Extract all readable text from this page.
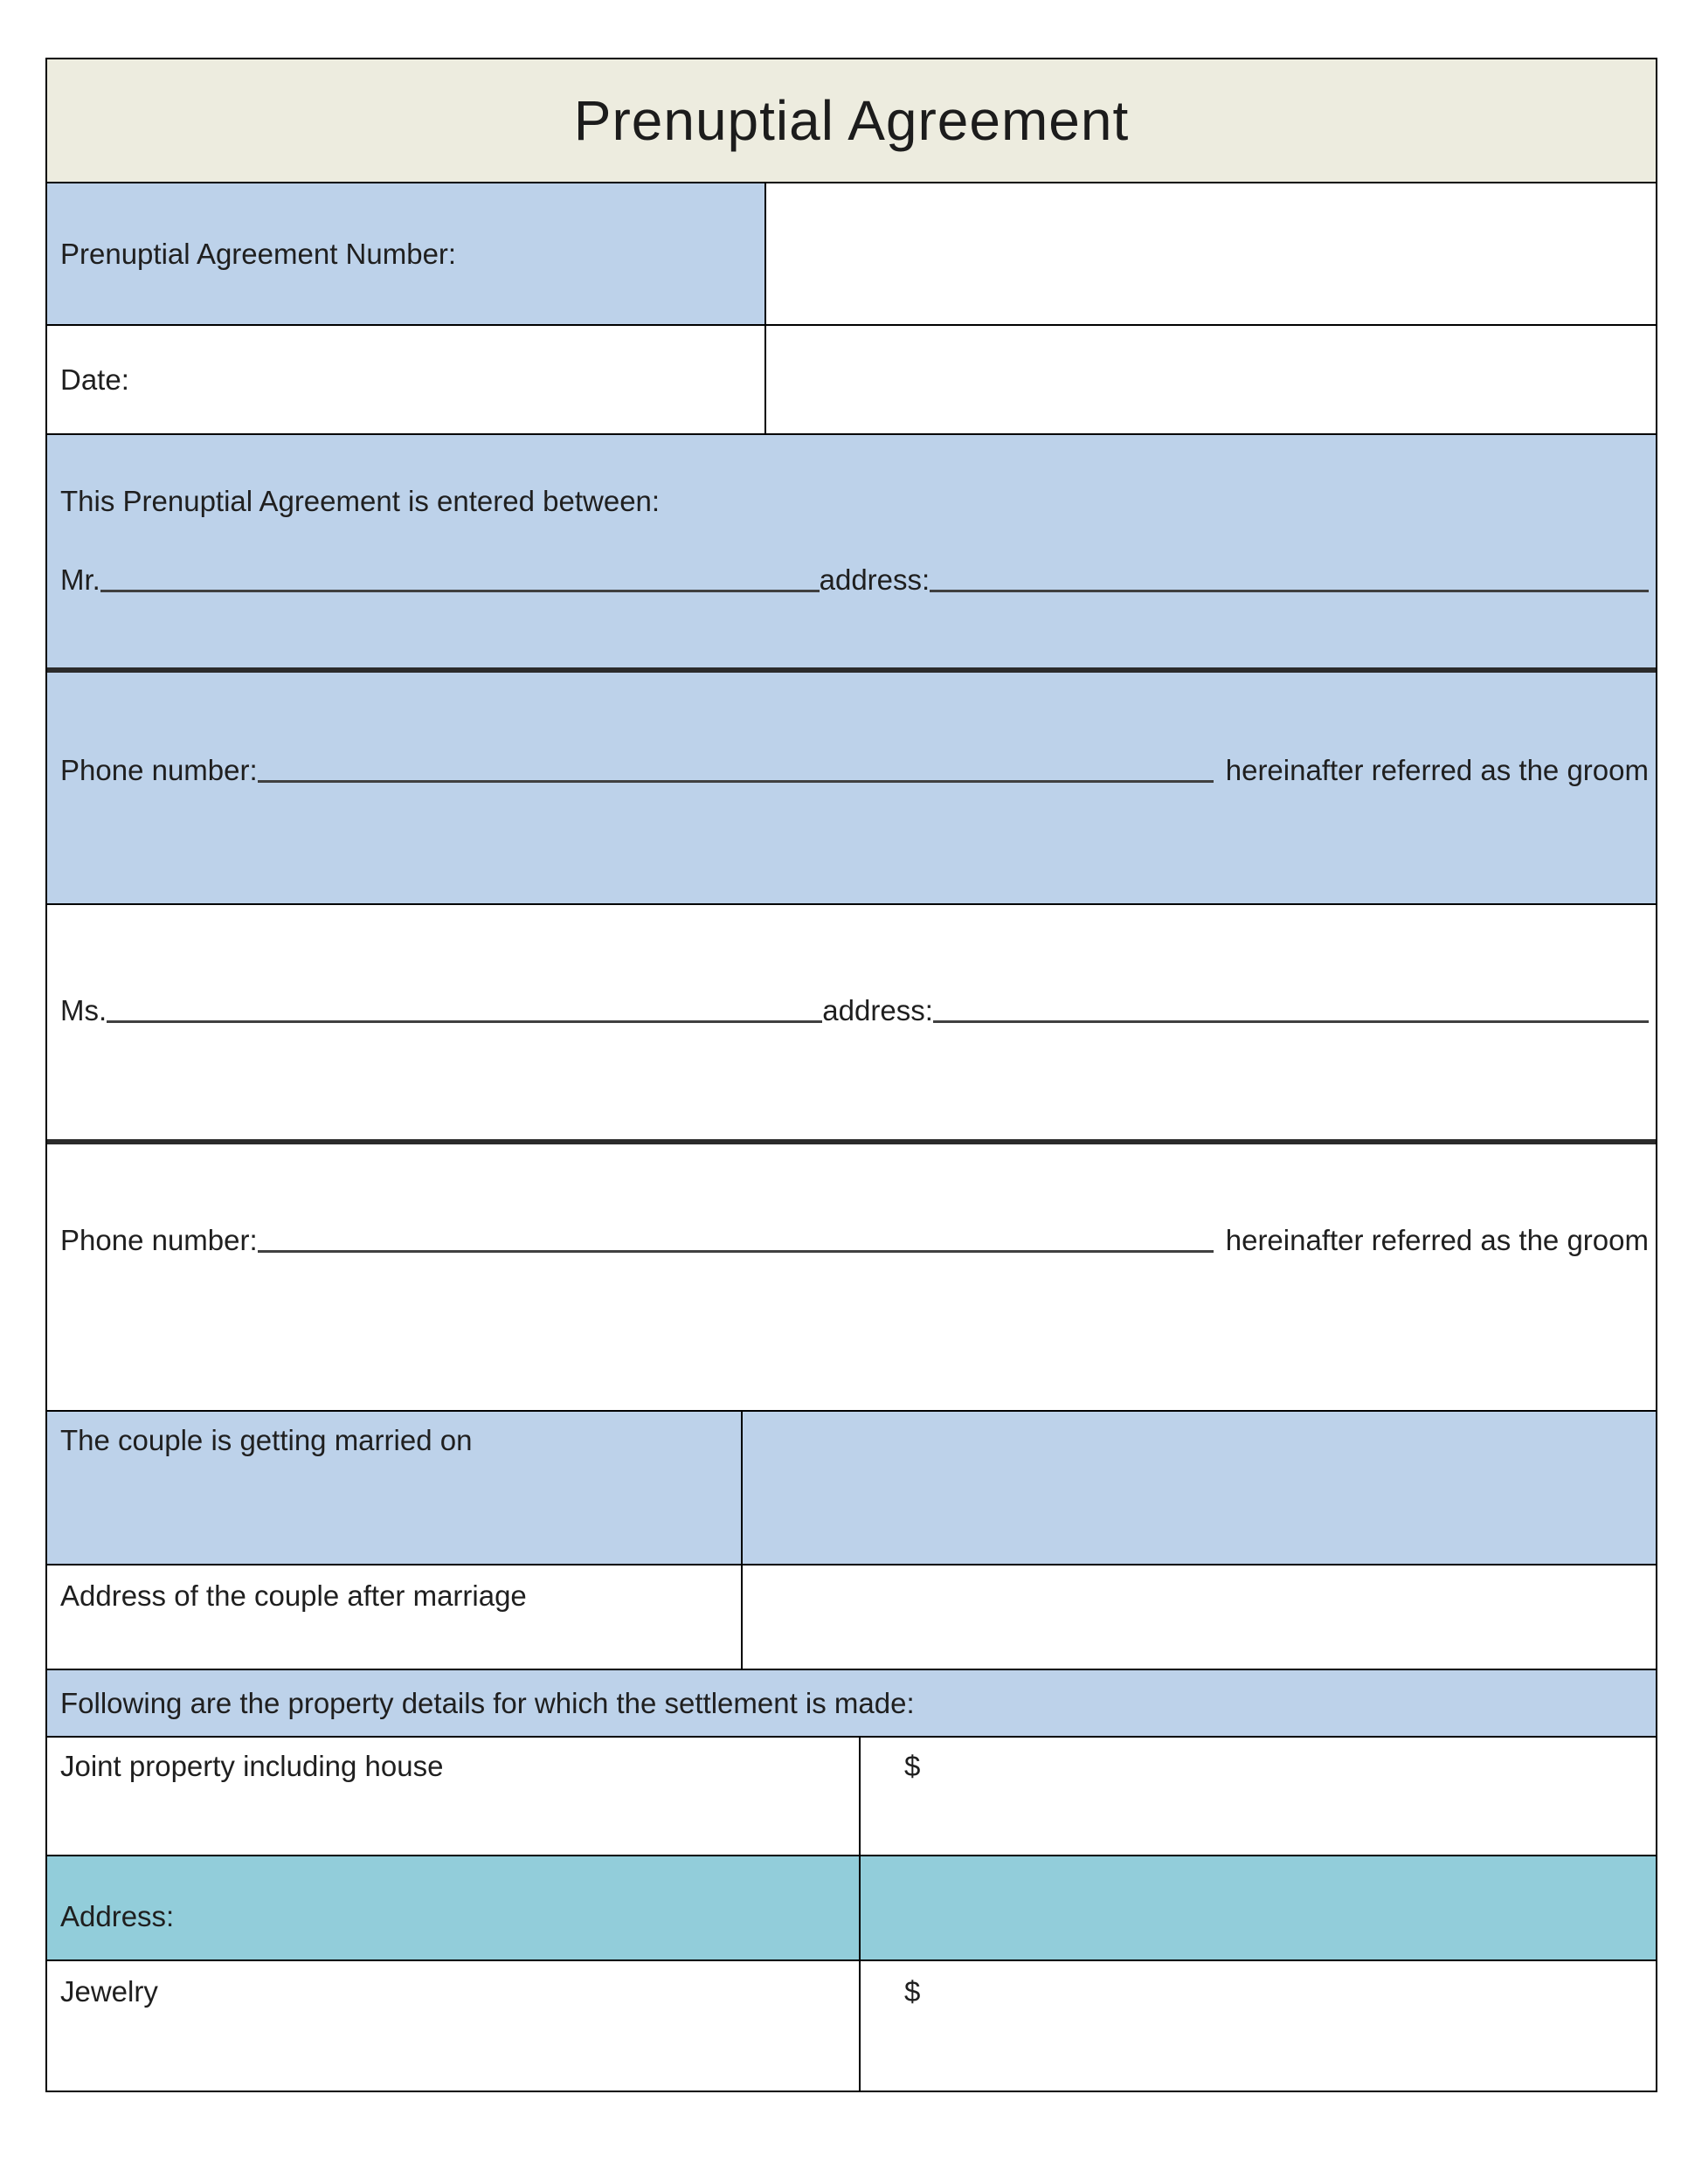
Prenuptial Agreement
Prenuptial Agreement Number:
Date:
This Prenuptial Agreement is entered between:
Mr.	address:
Phone number:	hereinafter referred as the groom
Ms.	address:
Phone number:	hereinafter referred as the groom
The couple is getting married on
Address of the couple after marriage
Following are the property details for which the settlement is made:
Joint property including house	$
Address:
Jewelry	$
